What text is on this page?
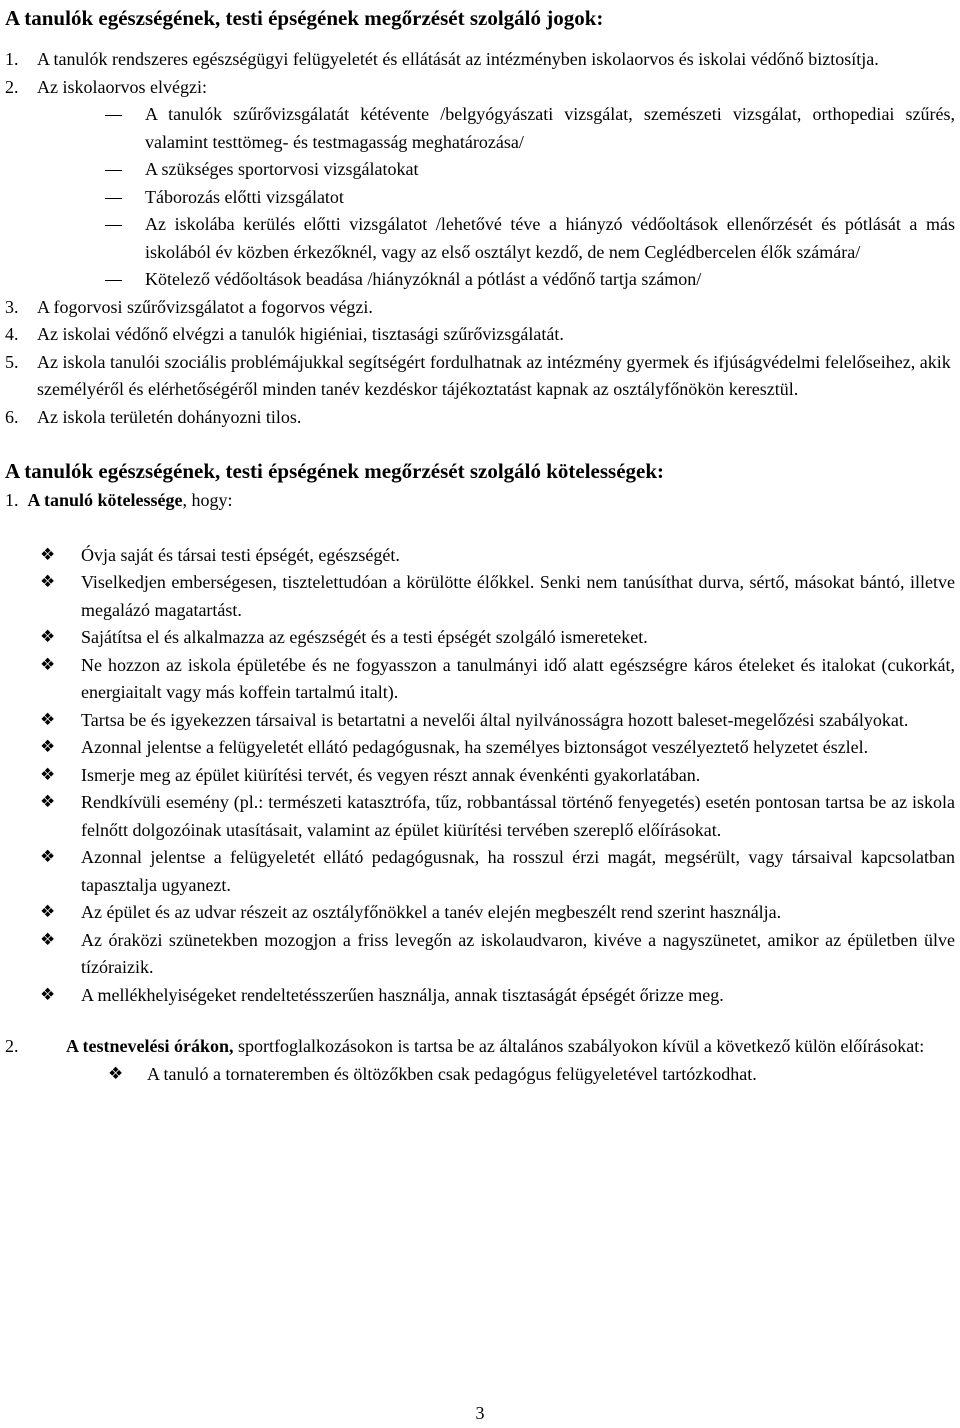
A tanulók egészségének, testi épségének megőrzését szolgáló jogok:
1. A tanulók rendszeres egészségügyi felügyeletét és ellátását az intézményben iskolaorvos és iskolai védőnő biztosítja.
2. Az iskolaorvos elvégzi:
A tanulók szűrővizsgálatát kétévente /belgyógyászati vizsgálat, szemészeti vizsgálat, orthopediai szűrés, valamint testtömeg- és testmagasság meghatározása/
A szükséges sportorvosi vizsgálatokat
Táborozás előtti vizsgálatot
Az iskolába kerülés előtti vizsgálatot /lehetővé téve a hiányzó védőoltások ellenőrzését és pótlását a más iskolából év közben érkezőknél, vagy az első osztályt kezdő, de nem Ceglédbercelen élők számára/
Kötelező védőoltások beadása /hiányzóknál a pótlást a védőnő tartja számon/
3. A fogorvosi szűrővizsgálatot a fogorvos végzi.
4. Az iskolai védőnő elvégzi a tanulók higiéniai, tisztasági szűrővizsgálatát.
5. Az iskola tanulói szociális problémájukkal segítségért fordulhatnak az intézmény gyermek és ifjúságvédelmi felelőseihez, akik személyéről és elérhetőségéről minden tanév kezdéskor tájékoztatást kapnak az osztályfőnökön keresztül.
6. Az iskola területén dohányozni tilos.
A tanulók egészségének, testi épségének megőrzését szolgáló kötelességek:
1. A tanuló kötelessége, hogy:
❖ Óvja saját és társai testi épségét, egészségét.
❖ Viselkedjen emberségesen, tisztelettudóan a körülötte élőkkel. Senki nem tanúsíthat durva, sértő, másokat bántó, illetve megalázó magatartást.
❖ Sajátítsa el és alkalmazza az egészségét és a testi épségét szolgáló ismereteket.
❖ Ne hozzon az iskola épületébe és ne fogyasszon a tanulmányi idő alatt egészségre káros ételeket és italokat (cukorkát, energiaitalt vagy más koffein tartalmú italt).
❖ Tartsa be és igyekezzen társaival is betartatni a nevelői által nyilvánosságra hozott baleset-megelőzési szabályokat.
❖ Azonnal jelentse a felügyeletét ellátó pedagógusnak, ha személyes biztonságot veszélyeztető helyzetet észlel.
❖ Ismerje meg az épület kiürítési tervét, és vegyen részt annak évenkénti gyakorlatában.
❖ Rendkívüli esemény (pl.: természeti katasztrófa, tűz, robbantással történő fenyegetés) esetén pontosan tartsa be az iskola felnőtt dolgozóinak utasításait, valamint az épület kiürítési tervében szereplő előírásokat.
❖ Azonnal jelentse a felügyeletét ellátó pedagógusnak, ha rosszul érzi magát, megsérült, vagy társaival kapcsolatban tapasztalja ugyanezt.
❖ Az épület és az udvar részeit az osztályfőnökkel a tanév elején megbeszélt rend szerint használja.
❖ Az óraközi szünetekben mozogjon a friss levegőn az iskolaudvaron, kivéve a nagyszünetet, amikor az épületben ülve tízóraizik.
❖ A mellékhelyiségeket rendeltetésszerűen használja, annak tisztaságát épségét őrizze meg.
2.	A testnevelési órákon, sportfoglalkozásokon is tartsa be az általános szabályokon kívül a következő külön előírásokat:
❖ A tanuló a tornateremben és öltözőkben csak pedagógus felügyeletével tartózkodhat.
3
